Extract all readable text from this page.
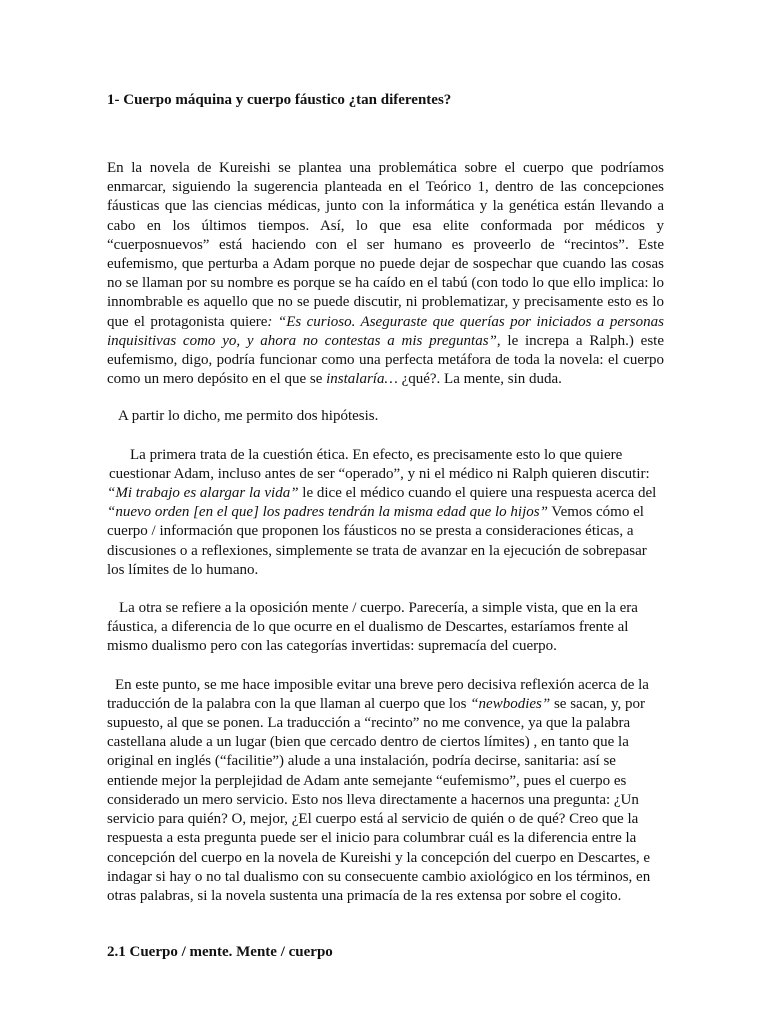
1- Cuerpo máquina y cuerpo fáustico ¿tan diferentes?

En la novela de Kureishi se plantea una problemática sobre el cuerpo que podríamos enmarcar, siguiendo la sugerencia planteada en el Teórico 1, dentro de las concepciones fáusticas que las ciencias médicas, junto con la informática y la genética están llevando a cabo en los últimos tiempos. Así, lo que esa elite conformada por médicos y “cuerposnuevos” está haciendo con el ser humano es proveerlo de “recintos”. Este eufemismo, que perturba a Adam porque no puede dejar de sospechar que cuando las cosas no se llaman por su nombre es porque se ha caído en el tabú (con todo lo que ello implica: lo innombrable es aquello que no se puede discutir, ni problematizar, y precisamente esto es lo que el protagonista quiere: “Es curioso. Aseguraste que querías por iniciados a personas inquisitivas como yo, y ahora no contestas a mis preguntas”, le increpa a Ralph.) este eufemismo, digo, podría funcionar como una perfecta metáfora de toda la novela: el cuerpo como un mero depósito en el que se instalaría… ¿qué?. La mente, sin duda.

A partir lo dicho, me permito dos hipótesis.

La primera trata de la cuestión ética. En efecto, es precisamente esto lo que quiere

cuestionar Adam, incluso antes de ser “operado”, y ni el médico ni Ralph quieren discutir:

“Mi trabajo es alargar la vida” le dice el médico cuando el quiere una respuesta acerca del “nuevo orden [en el que] los padres tendrán la misma edad que lo hijos” Vemos cómo el cuerpo / información que proponen los fáusticos no se presta a consideraciones éticas, a discusiones o a reflexiones, simplemente se trata de avanzar en la ejecución de sobrepasar los límites de lo humano.

La otra se refiere a la oposición mente / cuerpo. Parecería, a simple vista, que en la era

fáustica, a diferencia de lo que ocurre en el dualismo de Descartes, estaríamos frente al mismo dualismo pero con las categorías invertidas: supremacía del cuerpo.

En este punto, se me hace imposible evitar una breve pero decisiva reflexión acerca de la

traducción de la palabra con la que llaman al cuerpo que los “newbodies” se sacan, y, por supuesto, al que se ponen. La traducción a “recinto” no me convence, ya que la palabra castellana alude a un lugar (bien que cercado dentro de ciertos límites) , en tanto que la original en inglés (“facilitie”) alude a una instalación, podría decirse, sanitaria: así se entiende mejor la perplejidad de Adam ante semejante “eufemismo”, pues el cuerpo es considerado un mero servicio. Esto nos lleva directamente a hacernos una pregunta: ¿Un servicio para quién? O, mejor, ¿El cuerpo está al servicio de quién o de qué? Creo que la respuesta a esta pregunta puede ser el inicio para columbrar cuál es la diferencia entre la concepción del cuerpo en la novela de Kureishi y la concepción del cuerpo en Descartes, e indagar si hay o no tal dualismo con su consecuente cambio axiológico en los términos, en otras palabras, si la novela sustenta una primacía de la res extensa por sobre el cogito.

2.1 Cuerpo / mente. Mente / cuerpo
